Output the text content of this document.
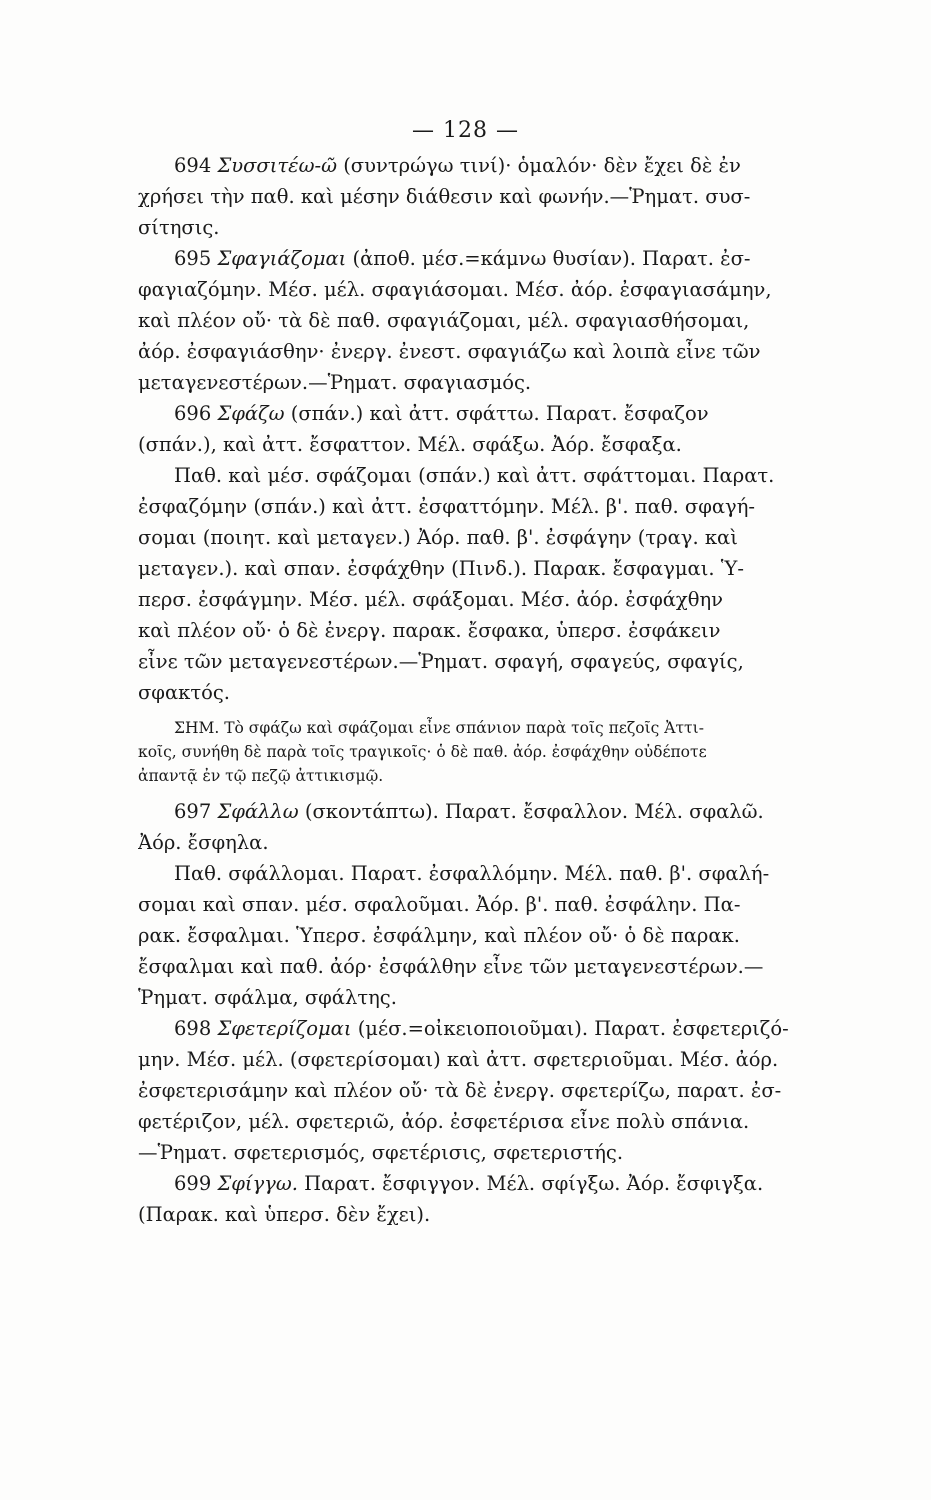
— 128 —
694 Συσσιτέω-ῶ (συντρώγω τινί)· ὁμαλόν· δὲν ἔχει δὲ ἐν
χρήσει τὴν παθ. καὶ μέσην διάθεσιν καὶ φωνήν.—Ῥηματ. συσ-
σίτησις.
695 Σφαγιάζομαι (ἀποθ. μέσ.=κάμνω θυσίαν). Παρατ. ἐσ-
φαγιαζόμην. Μέσ. μέλ. σφαγιάσομαι. Μέσ. ἀόρ. ἐσφαγιασάμην,
καὶ πλέον οὔ· τὰ δὲ παθ. σφαγιάζομαι, μέλ. σφαγιασθήσομαι,
ἀόρ. ἐσφαγιάσθην· ἐνεργ. ἐνεστ. σφαγιάζω καὶ λοιπὰ εἶνε τῶν
μεταγενεστέρων.—Ῥηματ. σφαγιασμός.
696 Σφάζω (σπάν.) καὶ ἀττ. σφάττω. Παρατ. ἔσφαζον
(σπάν.), καὶ ἀττ. ἔσφαττον. Μέλ. σφάξω. Ἀόρ. ἔσφαξα.
Παθ. καὶ μέσ. σφάζομαι (σπάν.) καὶ ἀττ. σφάττομαι. Παρατ.
ἐσφαζόμην (σπάν.) καὶ ἀττ. ἐσφαττόμην. Μέλ. β'. παθ. σφαγή-
σομαι (ποιητ. καὶ μεταγεν.) Ἀόρ. παθ. β'. ἐσφάγην (τραγ. καὶ
μεταγεν.). καὶ σπαν. ἐσφάχθην (Πινδ.). Παρακ. ἔσφαγμαι. Ὑ-
περσ. ἐσφάγμην. Μέσ. μέλ. σφάξομαι. Μέσ. ἀόρ. ἐσφάχθην
καὶ πλέον οὔ· ὁ δὲ ἐνεργ. παρακ. ἔσφακα, ὑπερσ. ἐσφάκειν
εἶνε τῶν μεταγενεστέρων.—Ῥηματ. σφαγή, σφαγεύς, σφαγίς,
σφακτός.
ΣΗΜ. Τὸ σφάζω καὶ σφάζομαι εἶνε σπάνιον παρὰ τοῖς πεζοῖς Ἀττι-
κοῖς, συνήθη δὲ παρὰ τοῖς τραγικοῖς· ὁ δὲ παθ. ἀόρ. ἐσφάχθην οὐδέποτε
ἀπαντᾷ ἐν τῷ πεζῷ ἀττικισμῷ.
697 Σφάλλω (σκοντάπτω). Παρατ. ἔσφαλλον. Μέλ. σφαλῶ.
Ἀόρ. ἔσφηλα.
Παθ. σφάλλομαι. Παρατ. ἐσφαλλόμην. Μέλ. παθ. β'. σφαλή-
σομαι καὶ σπαν. μέσ. σφαλοῦμαι. Ἀόρ. β'. παθ. ἐσφάλην. Πα-
ρακ. ἔσφαλμαι. Ὑπερσ. ἐσφάλμην, καὶ πλέον οὔ· ὁ δὲ παρακ.
ἔσφαλμαι καὶ παθ. ἀόρ· ἐσφάλθην εἶνε τῶν μεταγενεστέρων.—
Ῥηματ. σφάλμα, σφάλτης.
698 Σφετερίζομαι (μέσ.=οἰκειοποιοῦμαι). Παρατ. ἐσφετεριζό-
μην. Μέσ. μέλ. (σφετερίσομαι) καὶ ἀττ. σφετεριοῦμαι. Μέσ. ἀόρ.
ἐσφετερισάμην καὶ πλέον οὔ· τὰ δὲ ἐνεργ. σφετερίζω, παρατ. ἐσ-
φετέριζον, μέλ. σφετεριῶ, ἀόρ. ἐσφετέρισα εἶνε πολὺ σπάνια.
—Ῥηματ. σφετερισμός, σφετέρισις, σφετεριστής.
699 Σφίγγω. Παρατ. ἔσφιγγον. Μέλ. σφίγξω. Ἀόρ. ἔσφιγξα.
(Παρακ. καὶ ὑπερσ. δὲν ἔχει).
